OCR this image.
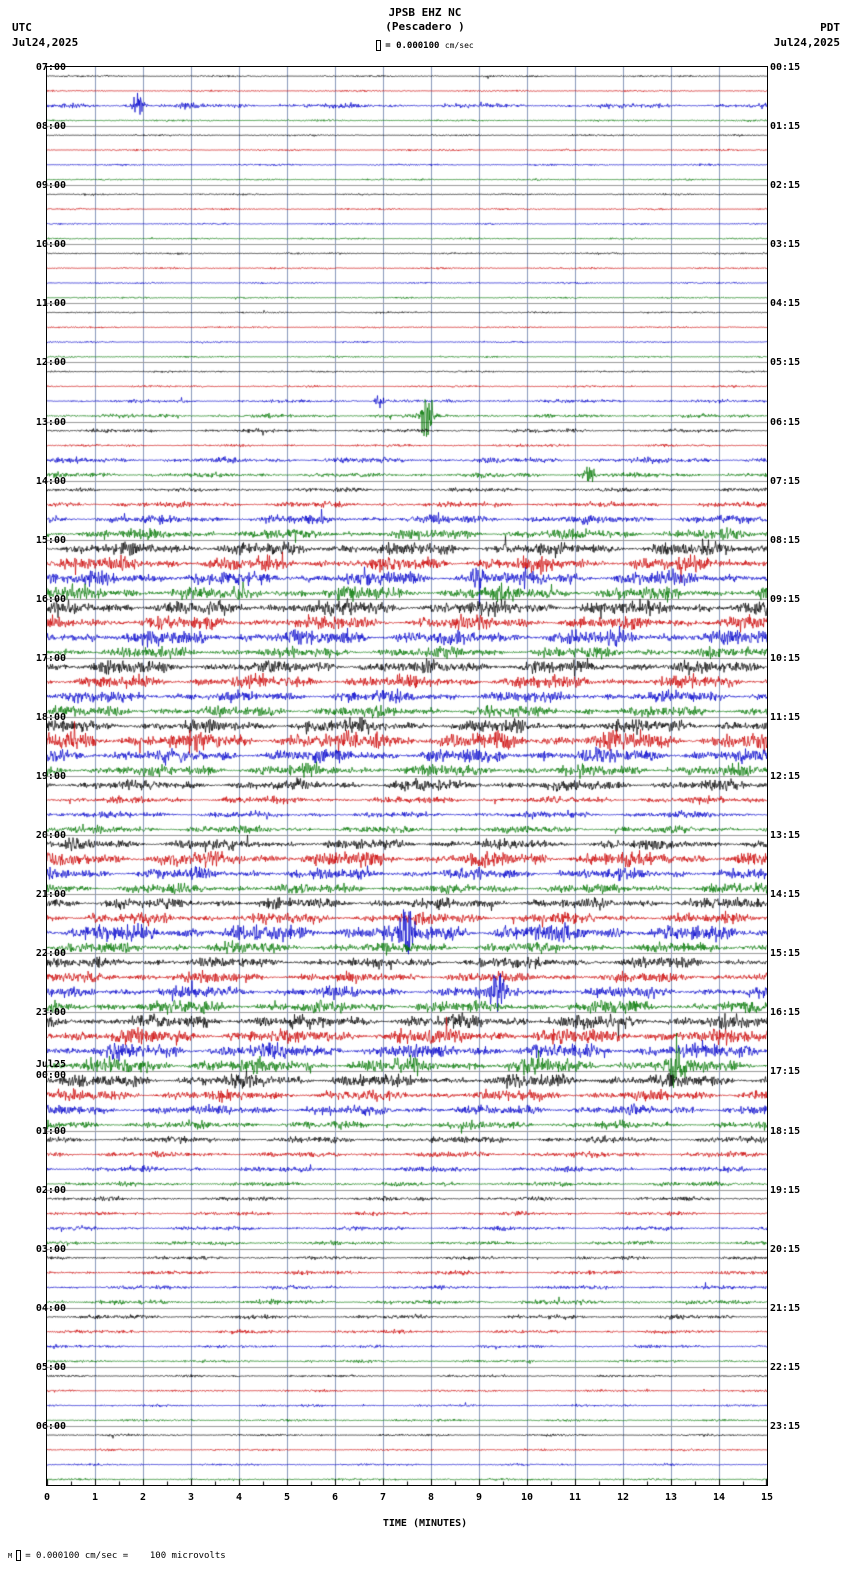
JPSB EHZ NC
(Pescadero )
UTC
Jul24,2025
PDT
Jul24,2025
= 0.000100 cm/sec
07:00
08:00
09:00
10:00
11:00
12:00
13:00
14:00
15:00
16:00
17:00
18:00
19:00
20:00
21:00
22:00
23:00
Jul25
00:00
01:00
02:00
03:00
04:00
05:00
06:00
00:15
01:15
02:15
03:15
04:15
05:15
06:15
07:15
08:15
09:15
10:15
11:15
12:15
13:15
14:15
15:15
16:15
17:15
18:15
19:15
20:15
21:15
22:15
23:15
0	1	2	3	4	5	6	7	8	9	10	11	12	13	14	15
TIME (MINUTES)
M = 0.000100 cm/sec = 100 microvolts
